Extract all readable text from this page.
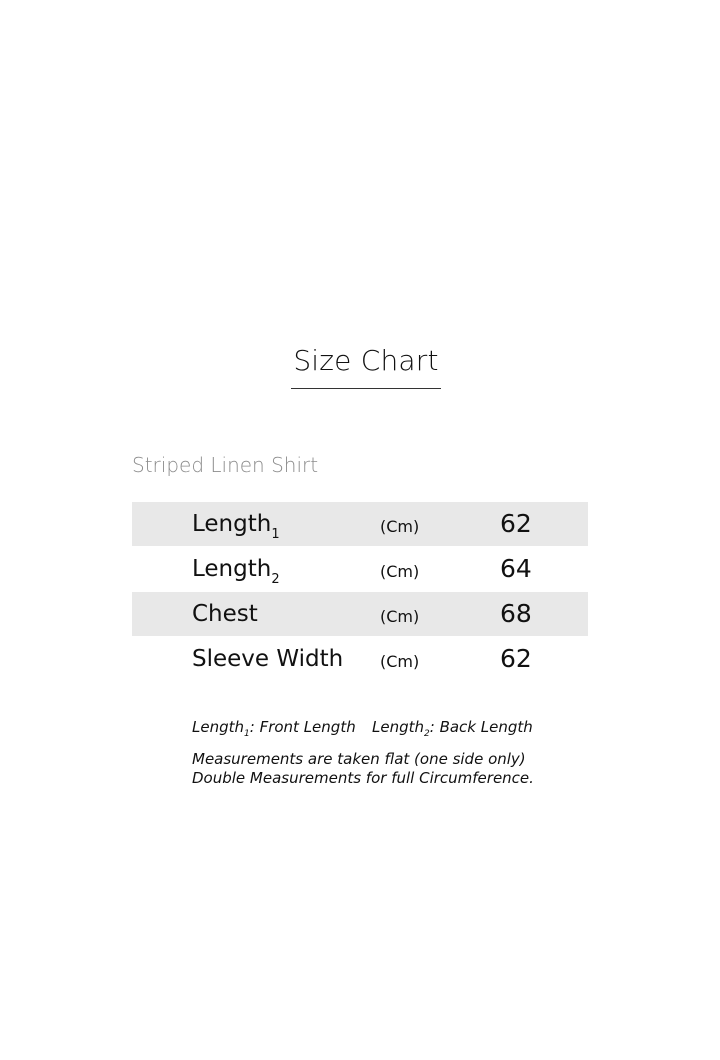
Size Chart
Striped Linen Shirt
Length$_1$	(Cm)	62
Length$_2$	(Cm)	64
Chest	(Cm)	68
Sleeve Width (Cm)	62
Length$_1$: Front Length Length$_2$: Back Length
Measurements are taken flat (one side only)
Double Measurements for full Circumference.
